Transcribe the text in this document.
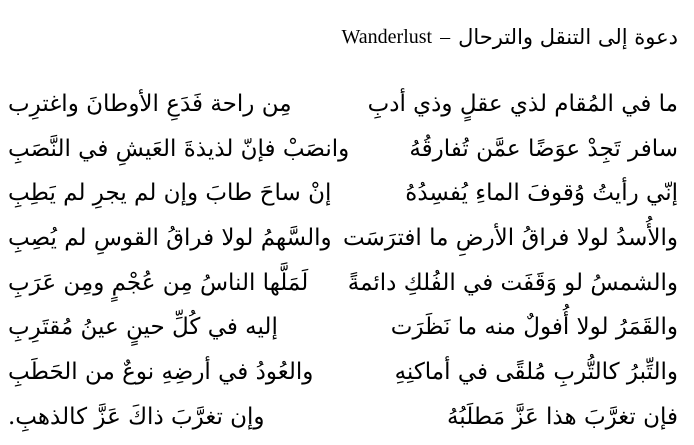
Wanderlust – دعوة إلى التنقل والترحال
ما في المُقام لذي عقلٍ وذي أدبِ
مِن راحة فَدَعِ الأوطانَ واغترِب
سافر تَجِدْ عوَضًا عمَّن تُفارقُهُ
وانصَبْ فإنّ لذيذةَ العَيشِ في النَّصَبِ
إنّي رأيتُ وُقوفَ الماءِ يُفسِدُهُ
إنْ ساحَ طابَ وإن لم يجرِ لم يَطِبِ
والأُسدُ لولا فراقُ الأرضِ ما افترَسَت
والسَّهمُ لولا فراقُ القوسِ لم يُصِبِ
والشمسُ لو وَقَفَت في الفُلكِ دائمةً
لَمَلَّها الناسُ مِن عُجْمٍ ومِن عَرَبِ
والقَمَرُ لولا أُفولٌ منه ما نَظَرَت
إليه في كُلِّ حينٍ عينُ مُقتَرِبِ
والتِّبرُ كالتُّربِ مُلقًى في أماكنِهِ
والعُودُ في أرضِهِ نوعٌ من الحَطَبِ
فإن تغرَّبَ هذا عَزَّ مَطلَبُهُ
وإن تغرَّبَ ذاكَ عَزَّ كالذهبِ.
